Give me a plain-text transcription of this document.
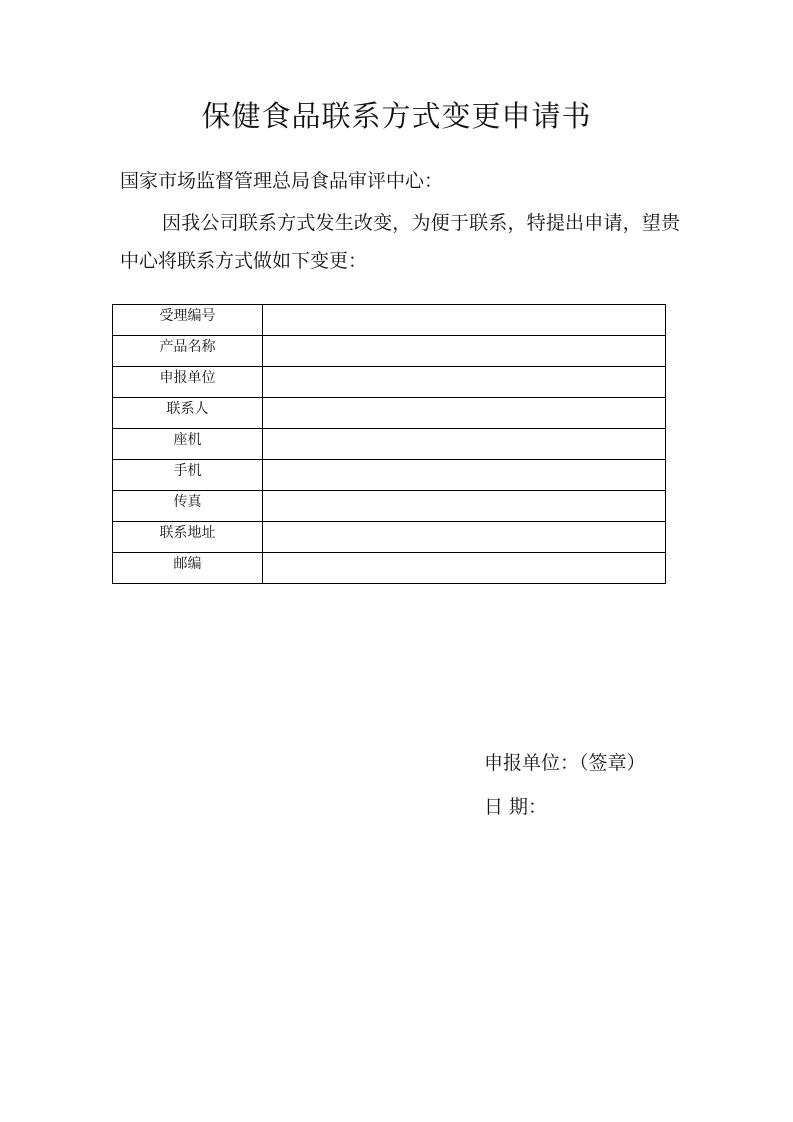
保健食品联系方式变更申请书
国家市场监督管理总局食品审评中心：
因我公司联系方式发生改变，为便于联系，特提出申请，望贵中心将联系方式做如下变更：
受理编号	
产品名称	
申报单位	
联系人	
座机	
手机	
传真	
联系地址	
邮编	
申报单位：（签章）
日 期：
